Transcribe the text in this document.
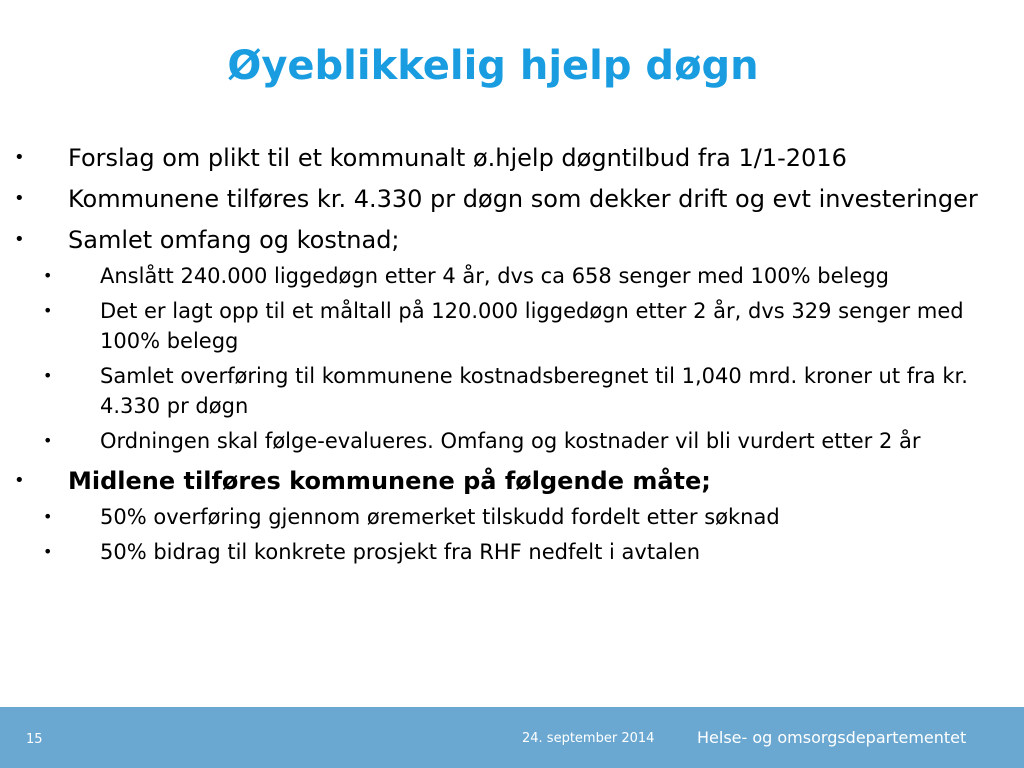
Øyeblikkelig hjelp døgn
• Forslag om plikt til et kommunalt ø.hjelp døgntilbud fra 1/1-2016
• Kommunene tilføres kr. 4.330 pr døgn som dekker drift og evt investeringer
• Samlet omfang og kostnad;
• Anslått 240.000 liggedøgn etter 4 år, dvs ca 658 senger med 100% belegg
• Det er lagt opp til et måltall på 120.000 liggedøgn etter 2 år, dvs 329 senger med 100% belegg
• Samlet overføring til kommunene kostnadsberegnet til 1,040 mrd. kroner ut fra kr. 4.330 pr døgn
• Ordningen skal følge-evalueres. Omfang og kostnader vil bli vurdert etter 2 år
• Midlene tilføres kommunene på følgende måte;
• 50% overføring gjennom øremerket tilskudd fordelt etter søknad
• 50% bidrag til konkrete prosjekt fra RHF nedfelt i avtalen
15	24. september 2014	Helse- og omsorgsdepartementet
